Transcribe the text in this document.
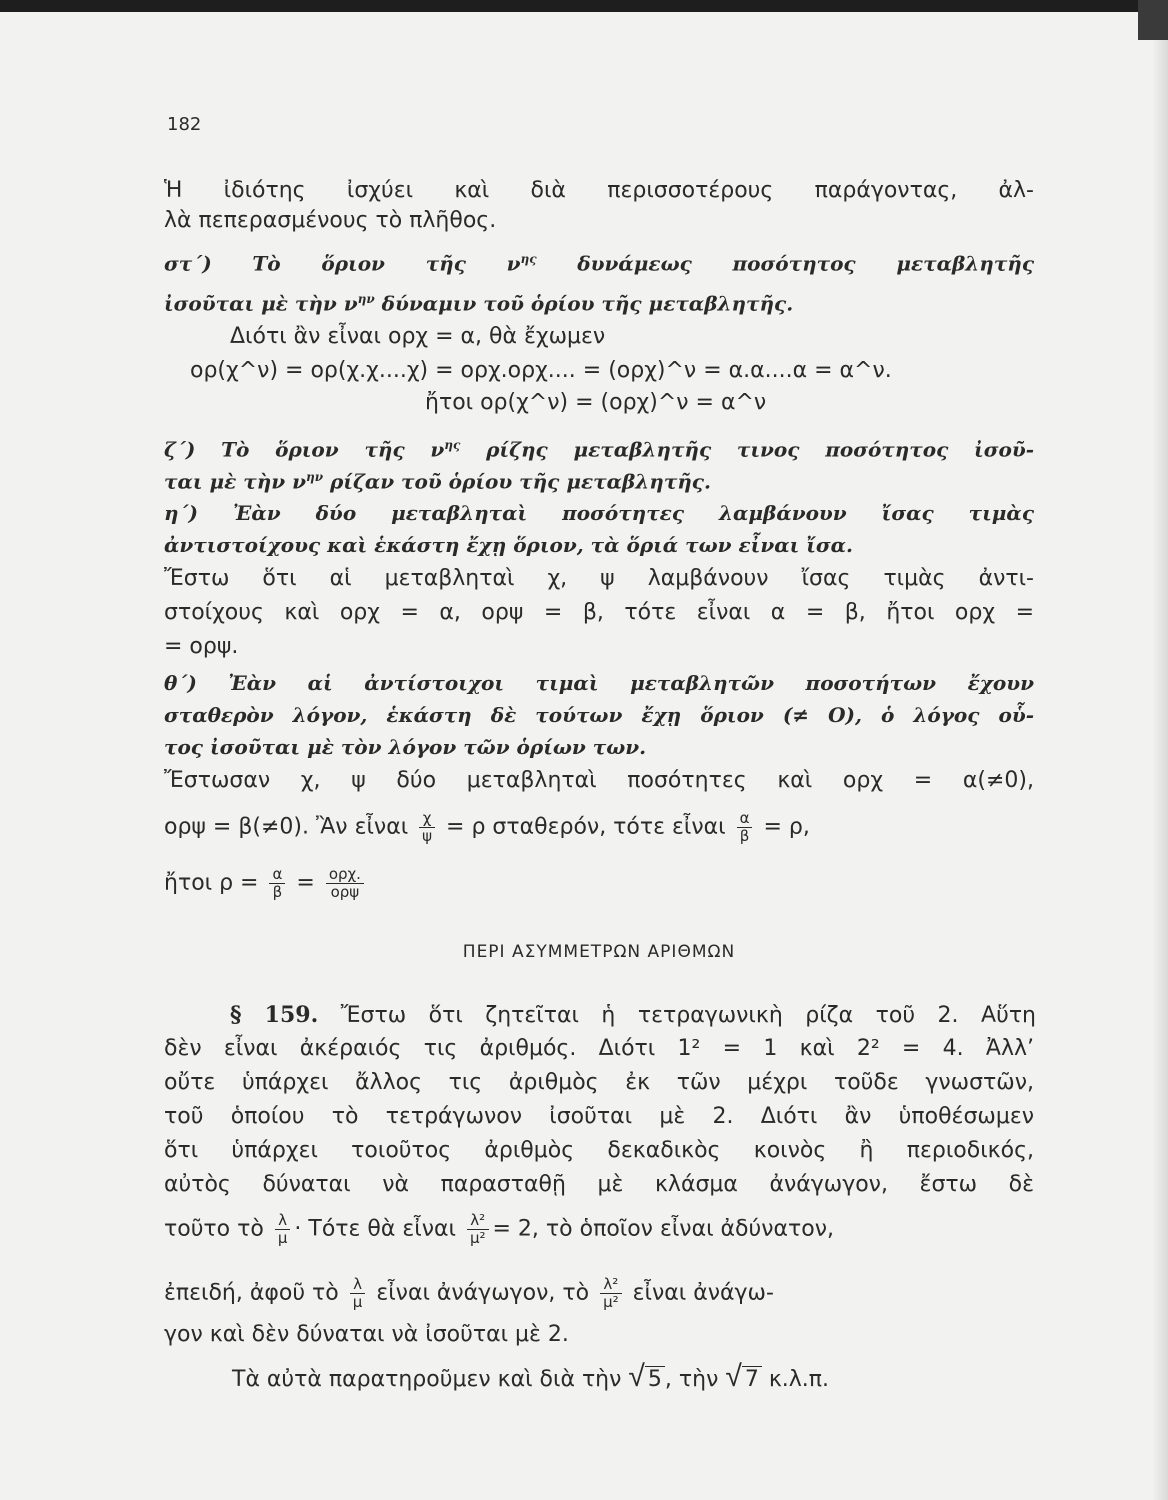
182
Ἡ ἰδιότης ἰσχύει καὶ διὰ περισσοτέρους παράγοντας, ἀλ-
λὰ πεπερασμένους τὸ πλῆθος.
στ΄) Τὸ ὅριον τῆς $\nu^{\eta\varsigma}$ δυνάμεως ποσότητος μεταβλητῆς
ἰσοῦται μὲ τὴν $\nu^{\eta\nu}$ δύναμιν τοῦ ὁρίου τῆς μεταβλητῆς.
Διότι ἂν εἶναι ορχ = α, θὰ ἔχωμεν
ορ(χ^ν) = ορ(χ.χ....χ) = ορχ.ορχ.... = (ορχ)^ν = α.α....α = α^ν.
ἤτοι ορ(χ^ν) = (ορχ)^ν = α^ν
ζ΄) Τὸ ὅριον τῆς $\nu^{\eta\varsigma}$ ρίζης μεταβλητῆς τινος ποσότητος ἰσοῦ-
ται μὲ τὴν $\nu^{\eta\nu}$ ρίζαν τοῦ ὁρίου τῆς μεταβλητῆς.
η΄) Ἐὰν δύο μεταβληταὶ ποσότητες λαμβάνουν ἴσας τιμὰς
ἀντιστοίχους καὶ ἑκάστη ἔχῃ ὅριον, τὰ ὅριά των εἶναι ἴσα.
Ἔστω ὅτι αἱ μεταβληταὶ χ, ψ λαμβάνουν ἴσας τιμὰς ἀντι-
στοίχους καὶ ορχ = α, ορψ = β, τότε εἶναι α = β, ἤτοι ορχ =
= ορψ.
θ΄) Ἐὰν αἱ ἀντίστοιχοι τιμαὶ μεταβλητῶν ποσοτήτων ἔχουν
σταθερὸν λόγον, ἑκάστη δὲ τούτων ἔχῃ ὅριον (≠ O), ὁ λόγος οὗ-
τος ἰσοῦται μὲ τὸν λόγον τῶν ὁρίων των.
Ἔστωσαν χ, ψ δύο μεταβληταὶ ποσότητες καὶ ορχ = α(≠0),
ορψ = β(≠0). Ἂν εἶναι $\frac{\chi}{\psi} = \rho$ σταθερόν, τότε εἶναι $\frac{\alpha}{\beta} = \rho$,
ἤτοι $\rho = \frac{\alpha}{\beta} = \frac{\text{ορχ.}}{\text{ορψ}}$
ΠΕΡΙ ΑΣΥΜΜΕΤΡΩΝ ΑΡΙΘΜΩΝ
§ 159. Ἔστω ὅτι ζητεῖται ἡ τετραγωνικὴ ρίζα τοῦ 2. Αὕτη
δὲν εἶναι ἀκέραιός τις ἀριθμός. Διότι 1² = 1 καὶ 2² = 4. Ἀλλ’
οὔτε ὑπάρχει ἄλλος τις ἀριθμὸς ἐκ τῶν μέχρι τοῦδε γνωστῶν,
τοῦ ὁποίου τὸ τετράγωνον ἰσοῦται μὲ 2. Διότι ἂν ὑποθέσωμεν
ὅτι ὑπάρχει τοιοῦτος ἀριθμὸς δεκαδικὸς κοινὸς ἢ περιοδικός,
αὐτὸς δύναται νὰ παρασταθῇ μὲ κλάσμα ἀνάγωγον, ἔστω δὲ
τοῦτο τὸ $\frac{\lambda}{\mu} \cdot Tό\tau\varepsilon$ θὰ εἶναι $\frac{\text{λ²}}{\text{μ²}} = 2$, τὸ ὁποῖον εἶναι ἀδύνατον,
ἐπειδή, ἀφοῦ τὸ $\frac{\lambda}{\mu}$ εἶναι ἀνάγωγον, τὸ $\frac{\text{λ²}}{\text{μ²}}$ εἶναι ἀνάγω-
γον καὶ δὲν δύναται νὰ ἰσοῦται μὲ 2.
Τὰ αὐτὰ παρατηροῦμεν καὶ διὰ τὴν √ 5 , τὴν √ 7 κ.λ.π.
